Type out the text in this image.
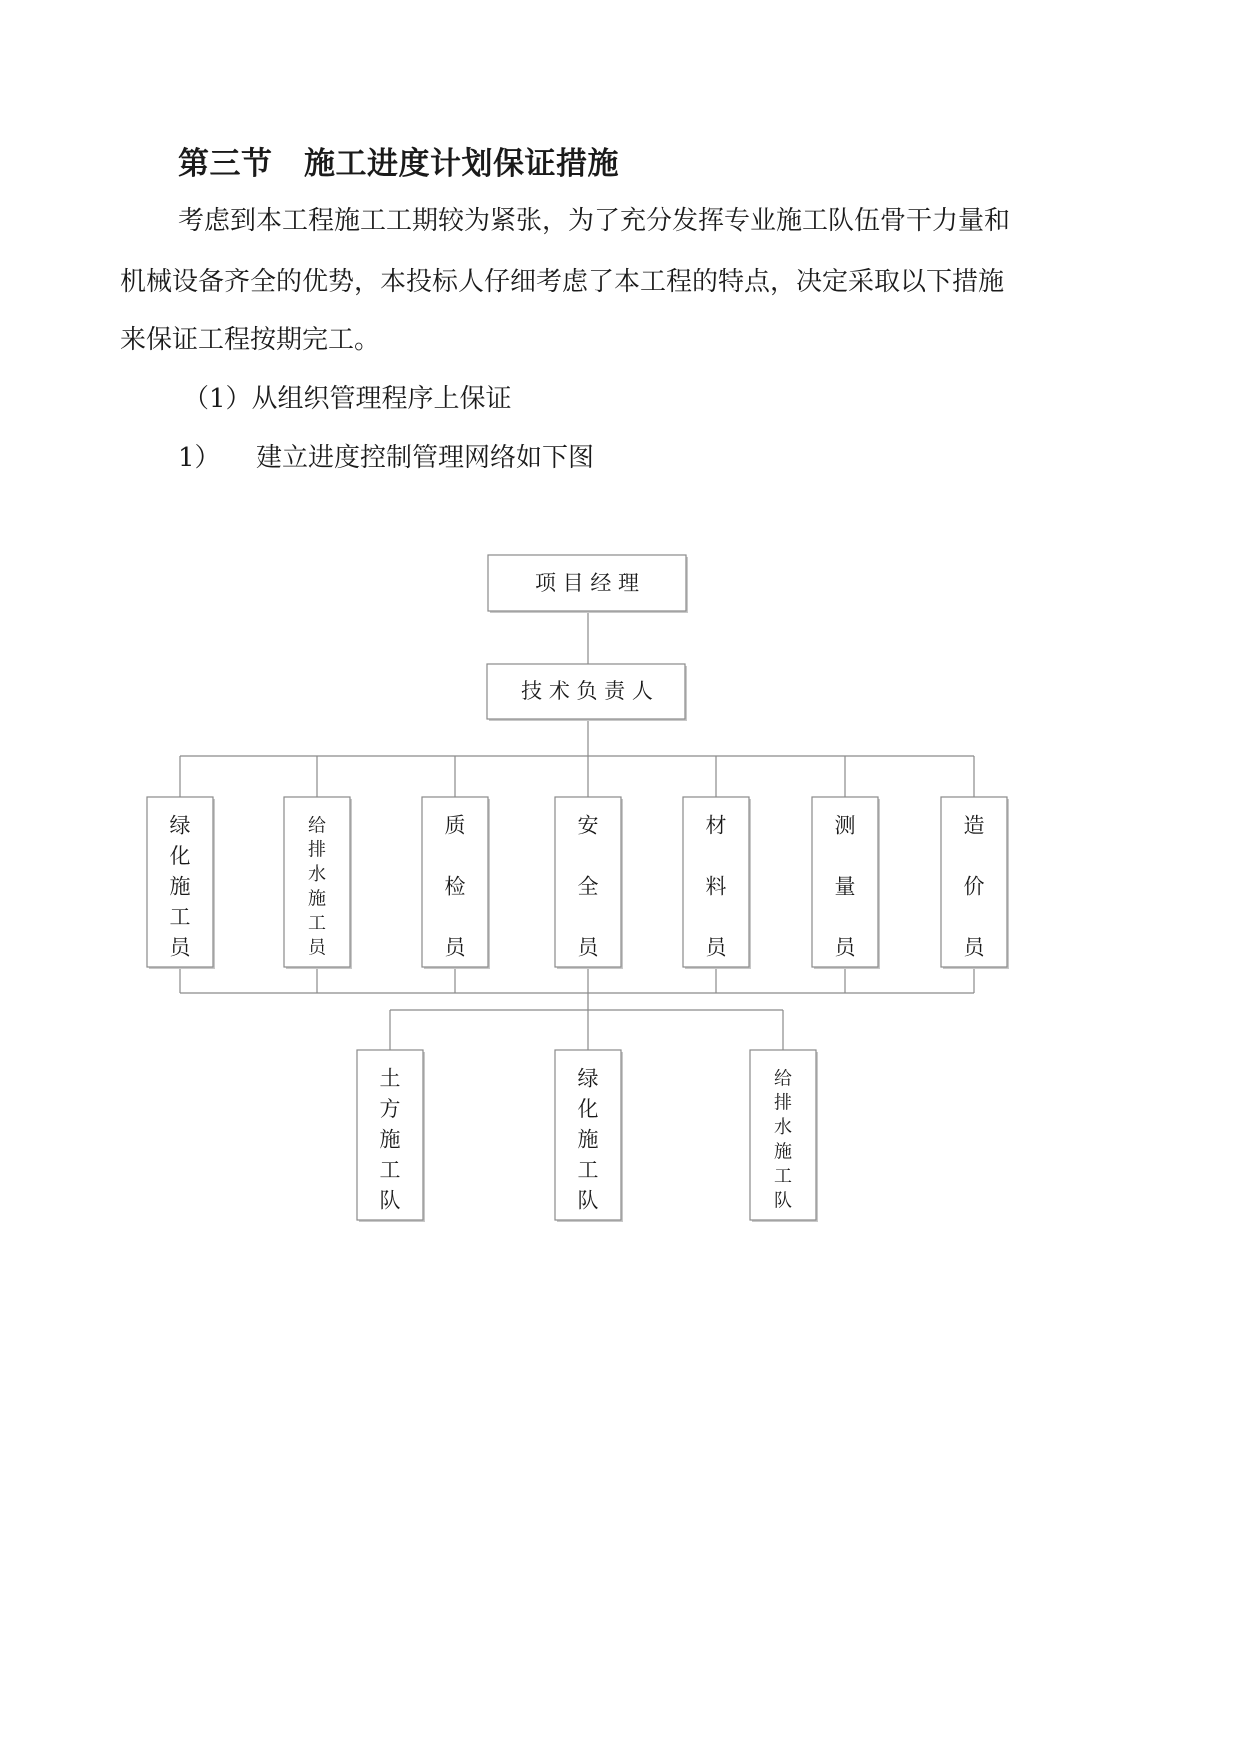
第三节　施工进度计划保证措施
考虑到本工程施工工期较为紧张，为了充分发挥专业施工队伍骨干力量和
机械设备齐全的优势，本投标人仔细考虑了本工程的特点，决定采取以下措施
来保证工程按期完工。
（1）从组织管理程序上保证
1） 建立进度控制管理网络如下图
项 目 经 理
技 术 负 责 人
绿化施工员
给排水施工员
质检员
安全员
材料员
测量员
造价员
土方施工队
绿化施工队
给排水施工队
